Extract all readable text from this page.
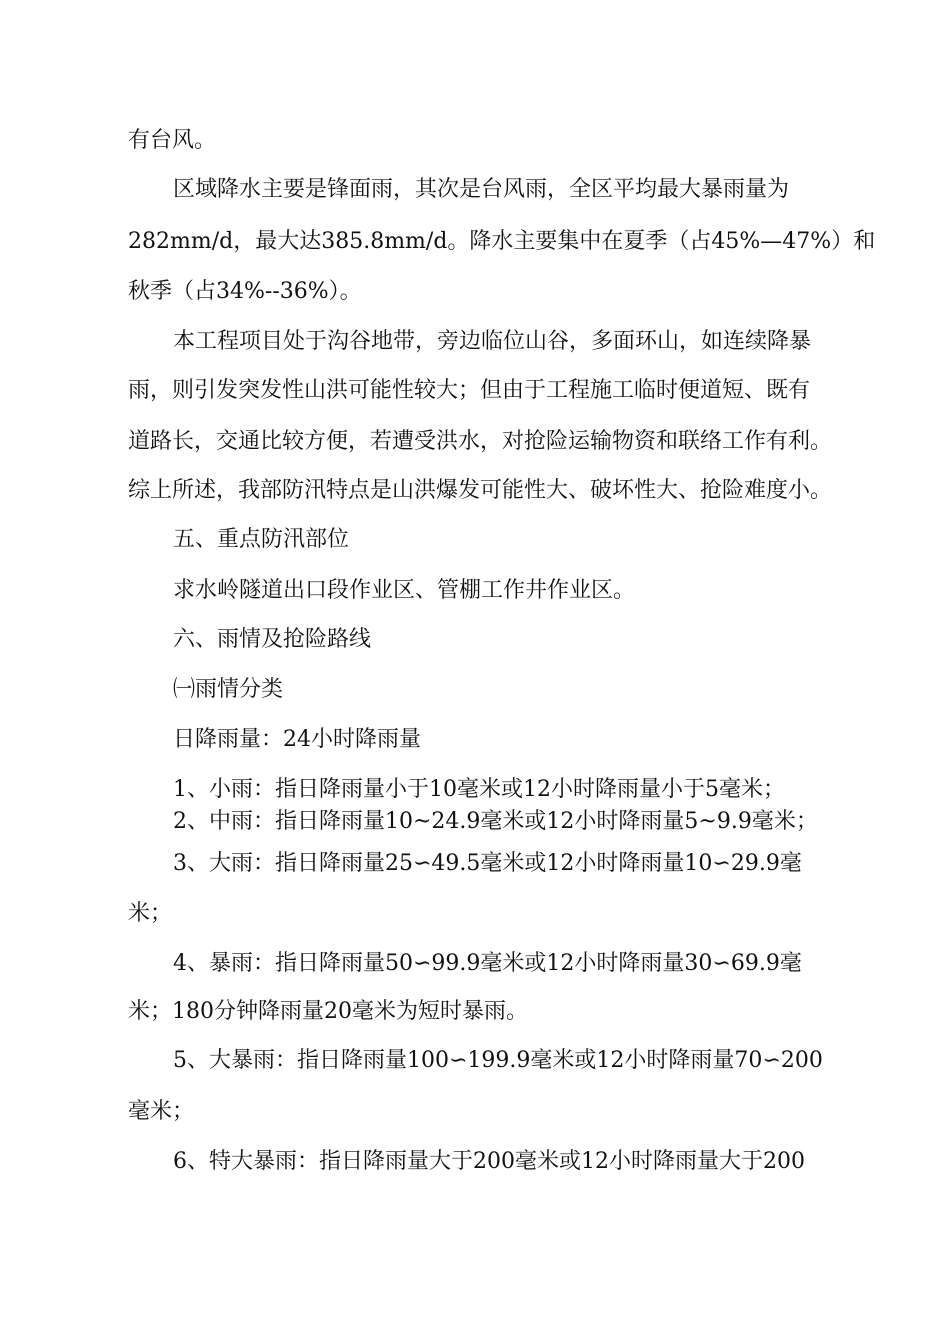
有台风。
区域降水主要是锋面雨，其次是台风雨，全区平均最大暴雨量为
282mm/d，最大达385.8mm/d。降水主要集中在夏季（占45%—47%）和
秋季（占34%--36%）。
本工程项目处于沟谷地带，旁边临位山谷，多面环山，如连续降暴
雨，则引发突发性山洪可能性较大；但由于工程施工临时便道短、既有
道路长，交通比较方便，若遭受洪水，对抢险运输物资和联络工作有利。
综上所述，我部防汛特点是山洪爆发可能性大、破坏性大、抢险难度小。
五、重点防汛部位
求水岭隧道出口段作业区、管棚工作井作业区。
六、雨情及抢险路线
㈠雨情分类
日降雨量：24小时降雨量
1、小雨：指日降雨量小于10毫米或12小时降雨量小于5毫米；
2、中雨：指日降雨量10~24.9毫米或12小时降雨量5~9.9毫米；
3、大雨：指日降雨量25∽49.5毫米或12小时降雨量10∽29.9毫
米；
4、暴雨：指日降雨量50∽99.9毫米或12小时降雨量30∽69.9毫
米；180分钟降雨量20毫米为短时暴雨。
5、大暴雨：指日降雨量100∽199.9毫米或12小时降雨量70∽200
毫米；
6、特大暴雨：指日降雨量大于200毫米或12小时降雨量大于200
